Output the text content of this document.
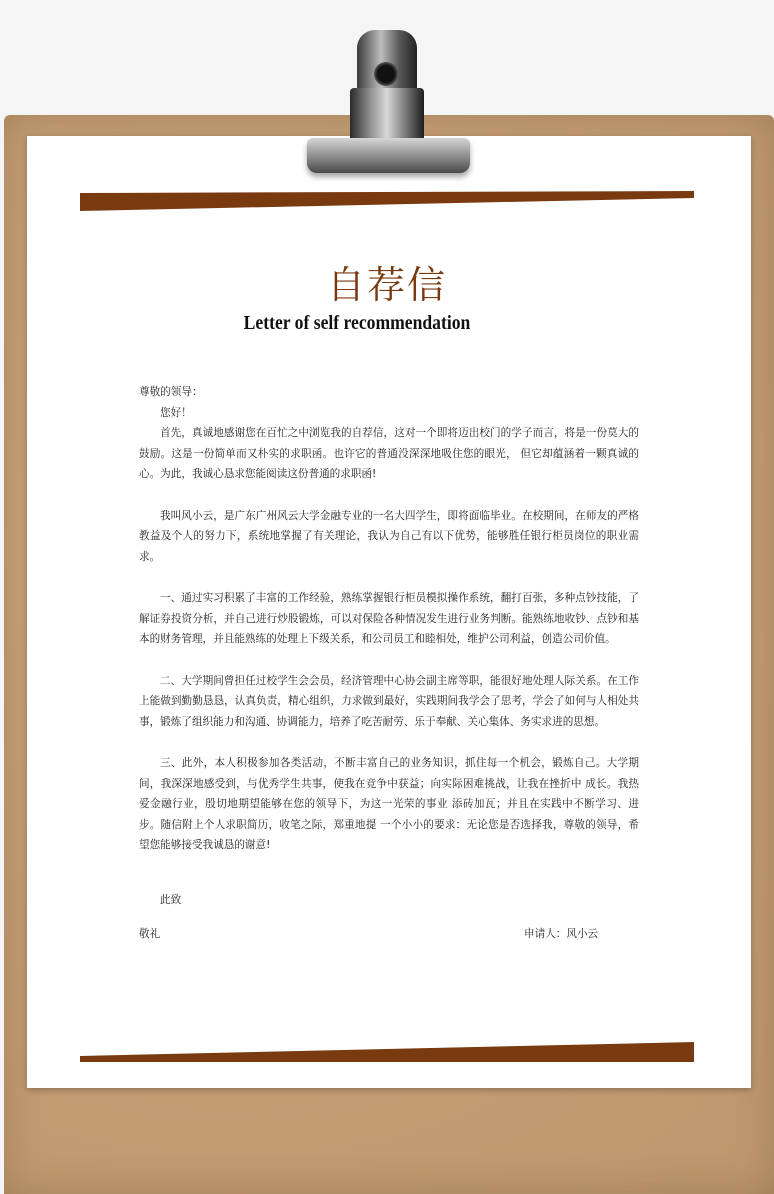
自荐信
Letter of self recommendation

尊敬的领导：

您好！

首先，真诚地感谢您在百忙之中浏览我的自荐信，这对一个即将迈出校门的学子而言，将是一份莫大的鼓励。这是一份简单而又朴实的求职函。也许它的普通没深深地吸住您的眼光， 但它却蕴涵着一颗真诚的心。为此，我诚心恳求您能阅读这份普通的求职函!

我叫风小云，是广东广州风云大学金融专业的一名大四学生，即将面临毕业。在校期间，在师友的严格 教益及个人的努力下，系统地掌握了有关理论，我认为自己有以下优势，能够胜任银行柜员岗位的职业需求。

一、通过实习积累了丰富的工作经验，熟练掌握银行柜员模拟操作系统，翻打百张，多种点钞技能，了解证券投资分析，并自己进行炒股锻炼，可以对保险各种情况发生进行业务判断。能熟练地收钞、点钞和基本的财务管理，并且能熟练的处理上下级关系，和公司员工和睦相处，维护公司利益，创造公司价值。

二、大学期间曾担任过校学生会会员，经济管理中心协会副主席等职，能很好地处理人际关系。在工作上能做到勤勤恳恳，认真负责，精心组织，力求做到最好，实践期间我学会了思考，学会了如何与人相处共事，锻炼了组织能力和沟通、协调能力，培养了吃苦耐劳、乐于奉献、关心集体、务实求进的思想。

三、此外，本人积极参加各类活动，不断丰富自己的业务知识，抓住每一个机会，锻炼自己。大学期间，我深深地感受到，与优秀学生共事，使我在竞争中获益；向实际困难挑战，让我在挫折中 成长。我热爱金融行业，殷切地期望能够在您的领导下，为这一光荣的事业 添砖加瓦；并且在实践中不断学习、进步。随信附上个人求职简历，收笔之际，郑重地提 一个小小的要求：无论您是否选择我，尊敬的领导，希望您能够接受我诚恳的谢意!

此致
敬礼	申请人：风小云
